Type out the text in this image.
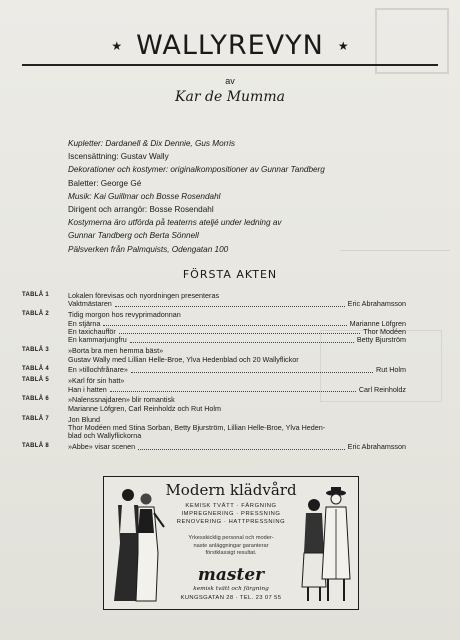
★ WALLYREVYN ★
av
Kar de Mumma
Kupletter: Dardanell & Dix Dennie, Gus Morris
Iscensättning: Gustav Wally
Dekorationer och kostymer: originalkompositioner av Gunnar Tandberg
Baletter: George Gé
Musik: Kai Guillmar och Bosse Rosendahl
Dirigent och arrangör: Bosse Rosendahl
Kostymerna äro utförda på teaterns ateljé under ledning av
Gunnar Tandberg och Berta Sönnell
Pälsverken från Palmquists, Odengatan 100
FÖRSTA AKTEN
TABLÅ 1	Lokalen förevisas och nyordningen presenteras
Vaktmästaren	Eric Abrahamsson
TABLÅ 2	Tidig morgon hos revyprimadonnan
En stjärna	Marianne Löfgren
En taxichaufför	Thor Modéen
En kammarjungfru	Betty Bjurström
TABLÅ 3	»Borta bra men hemma bäst»
Gustav Wally med Lillian Helle-Broe, Ylva Hedenblad och 20 Wallyflickor
TABLÅ 4	En »tillochfrånare»	Rut Holm
TABLÅ 5	»Karl för sin hatt»
Han i hatten	Carl Reinholdz
TABLÅ 6	»Nalenssnajdaren» blir romantisk
Marianne Löfgren, Carl Reinholdz och Rut Holm
TABLÅ 7	Jon Blund
Thor Modéen med Stina Sorban, Betty Bjurström, Lillian Helle-Broe, Ylva Heden-
blad och Wallyflickorna
TABLÅ 8	»Abbe» visar scenen	Eric Abrahamsson
Modern klädvård
KEMISK TVÄTT · FÄRGNING
IMPREGNERING · PRESSNING
RENOVERING · HATTPRESSNING
Yrkesskicklig personal och moder-
naste anläggningar garanterar
förstklassigt resultat.
master
kemisk tvätt och färgning
KUNGSGATAN 28 · TEL. 23 07 55
